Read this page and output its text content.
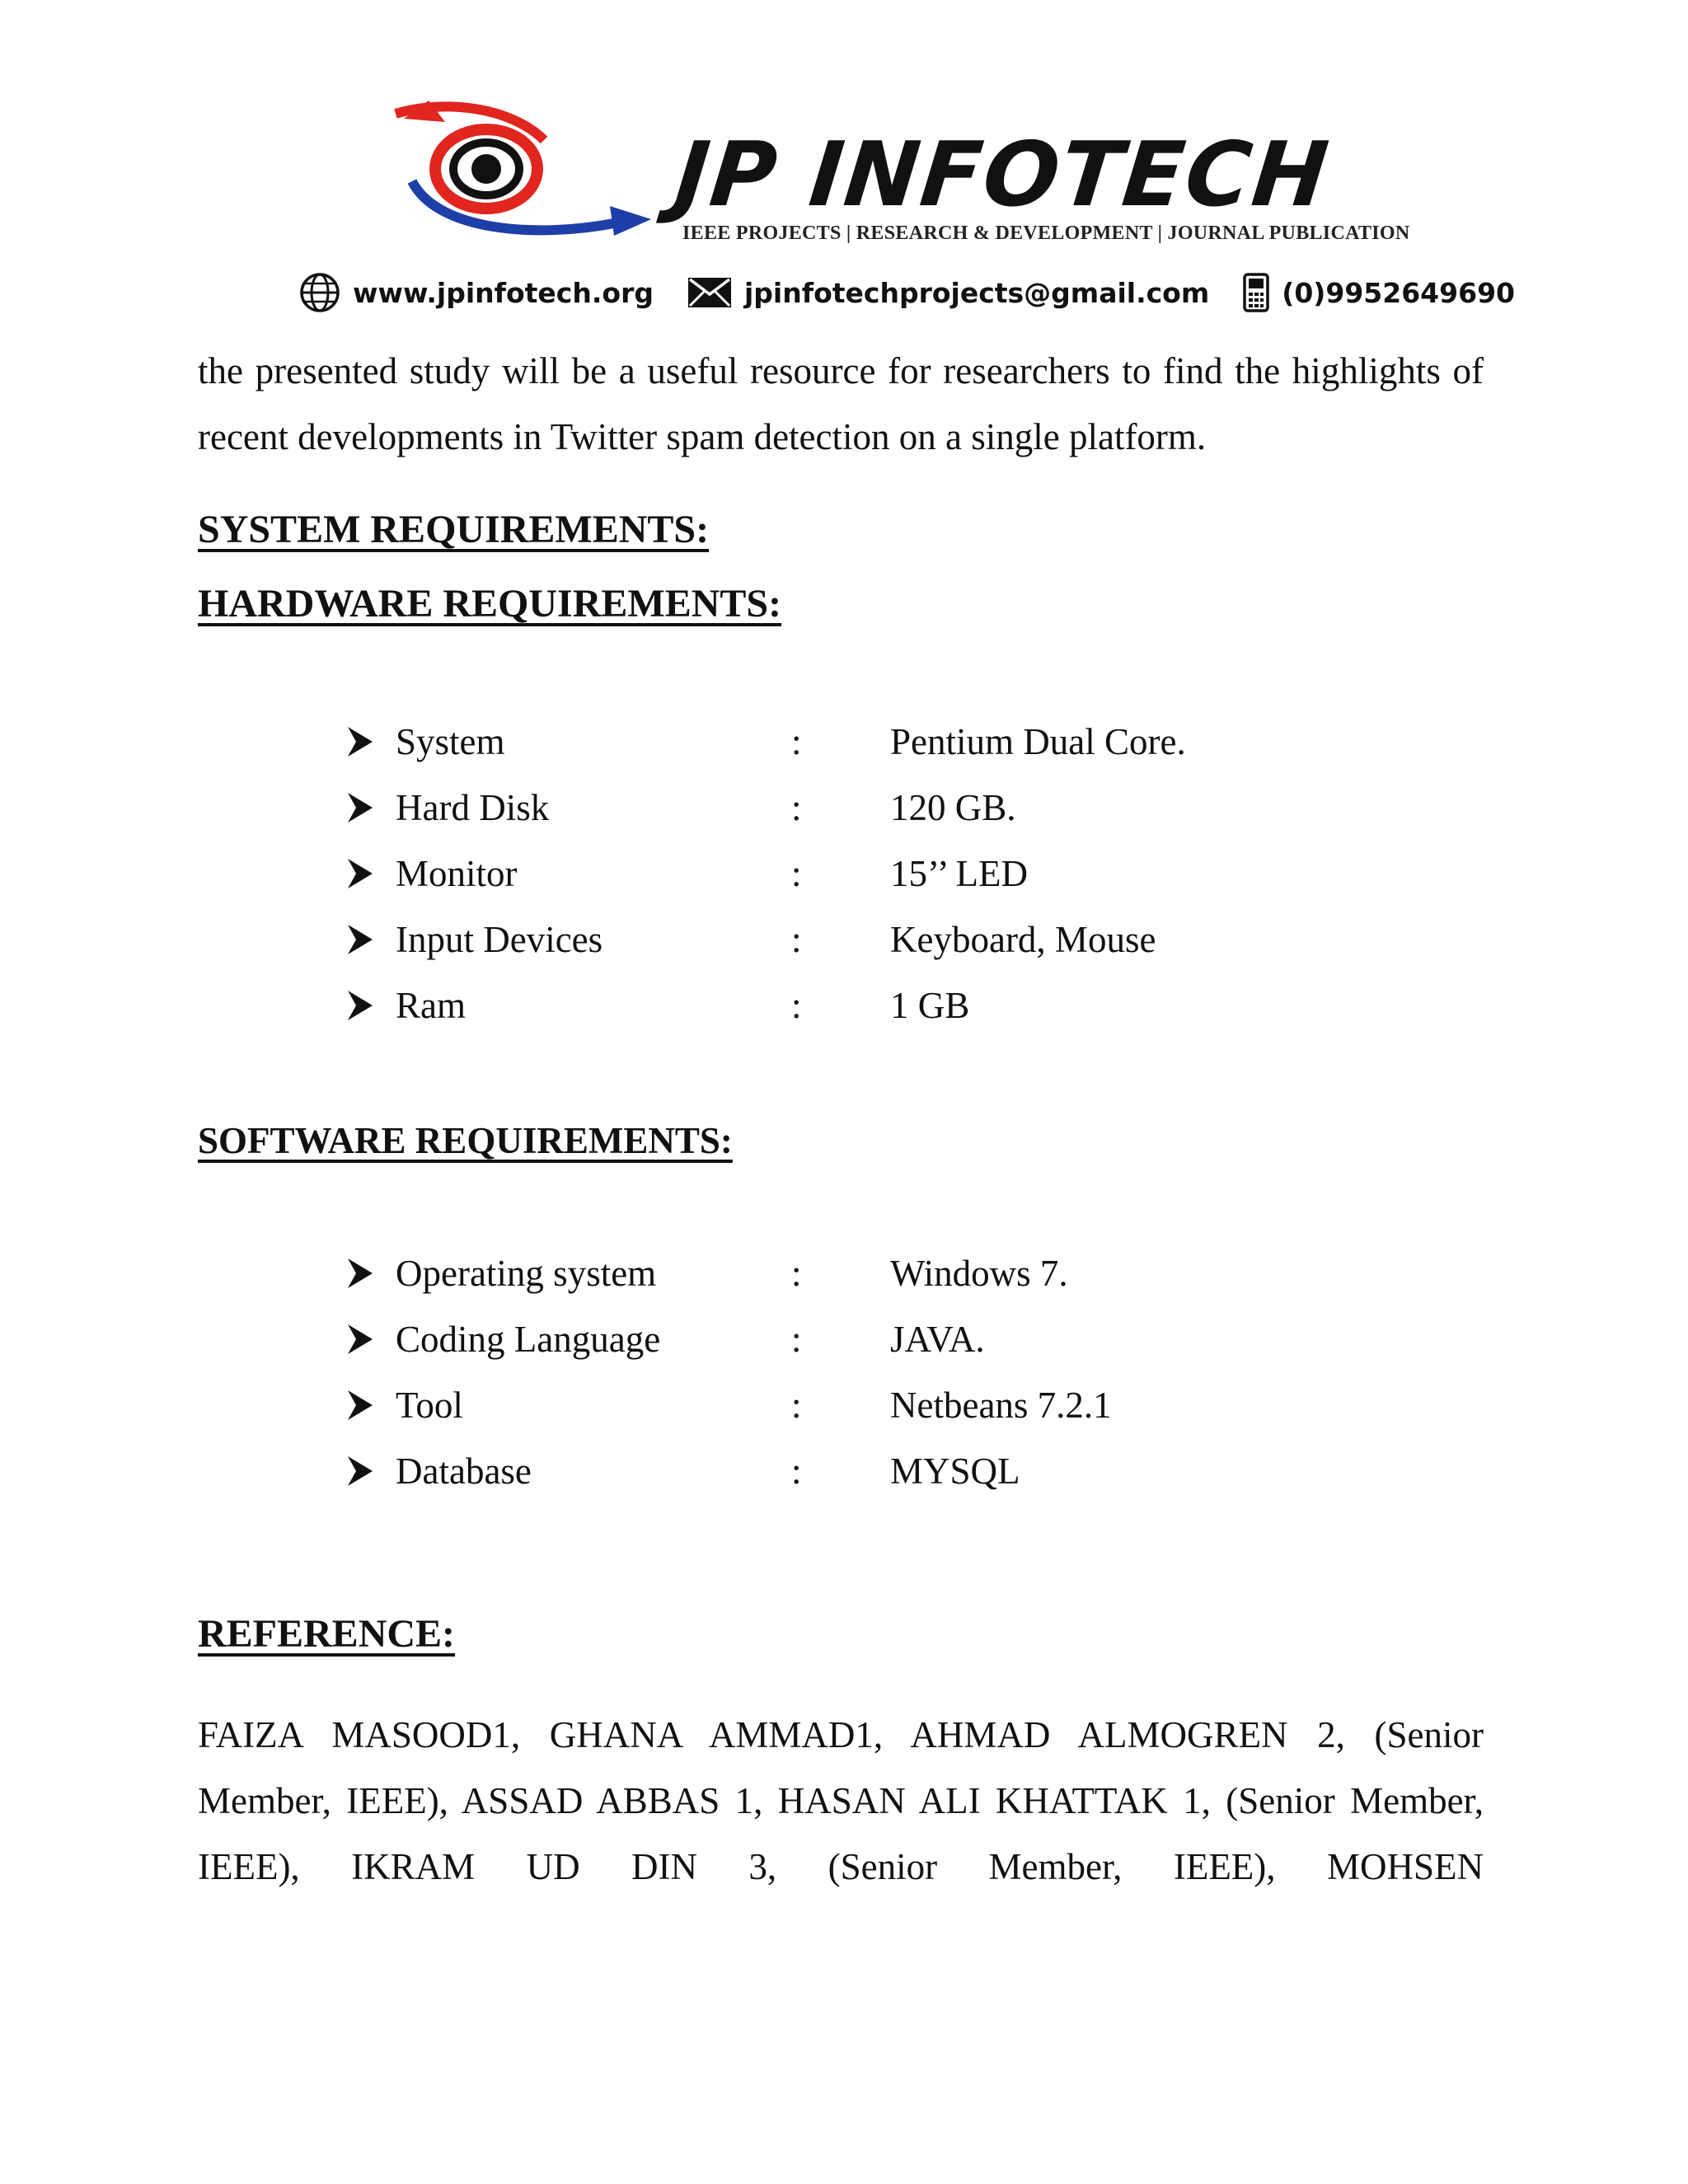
JP INFOTECH
IEEE PROJECTS | RESEARCH & DEVELOPMENT | JOURNAL PUBLICATION
www.jpinfotech.org	jpinfotechprojects@gmail.com	(0)9952649690
the presented study will be a useful resource for researchers to find the highlights of recent developments in Twitter spam detection on a single platform.
SYSTEM REQUIREMENTS:
HARDWARE REQUIREMENTS:
System	: Pentium Dual Core.
Hard Disk	: 120 GB.
Monitor	: 15’’ LED
Input Devices	: Keyboard, Mouse
Ram	: 1 GB
SOFTWARE REQUIREMENTS:
Operating system	: Windows 7.
Coding Language	: JAVA.
Tool	: Netbeans 7.2.1
Database	: MYSQL
REFERENCE:
FAIZA MASOOD1, GHANA AMMAD1, AHMAD ALMOGREN 2, (Senior Member, IEEE), ASSAD ABBAS 1, HASAN ALI KHATTAK 1, (Senior Member, IEEE), IKRAM UD DIN 3, (Senior Member, IEEE), MOHSEN
